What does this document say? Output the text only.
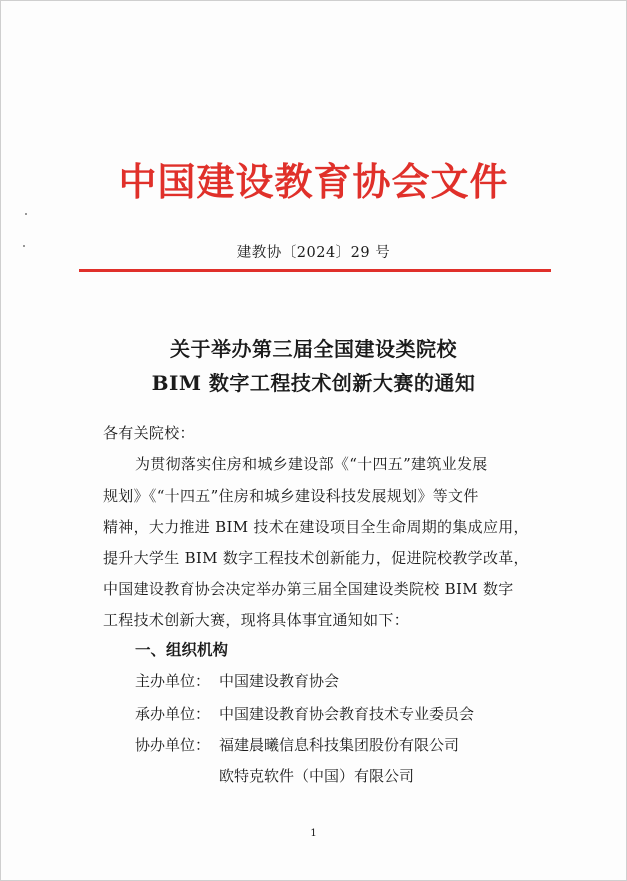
中国建设教育协会文件
建教协〔2024〕29 号
关于举办第三届全国建设类院校
BIM 数字工程技术创新大赛的通知
各有关院校：
为贯彻落实住房和城乡建设部《“十四五”建筑业发展
规划》《“十四五”住房和城乡建设科技发展规划》等文件
精神，大力推进 BIM 技术在建设项目全生命周期的集成应用，
提升大学生 BIM 数字工程技术创新能力，促进院校教学改革，
中国建设教育协会决定举办第三届全国建设类院校 BIM 数字
工程技术创新大赛，现将具体事宜通知如下：
一、组织机构
主办单位： 中国建设教育协会
承办单位： 中国建设教育协会教育技术专业委员会
协办单位： 福建晨曦信息科技集团股份有限公司
欧特克软件（中国）有限公司
1
